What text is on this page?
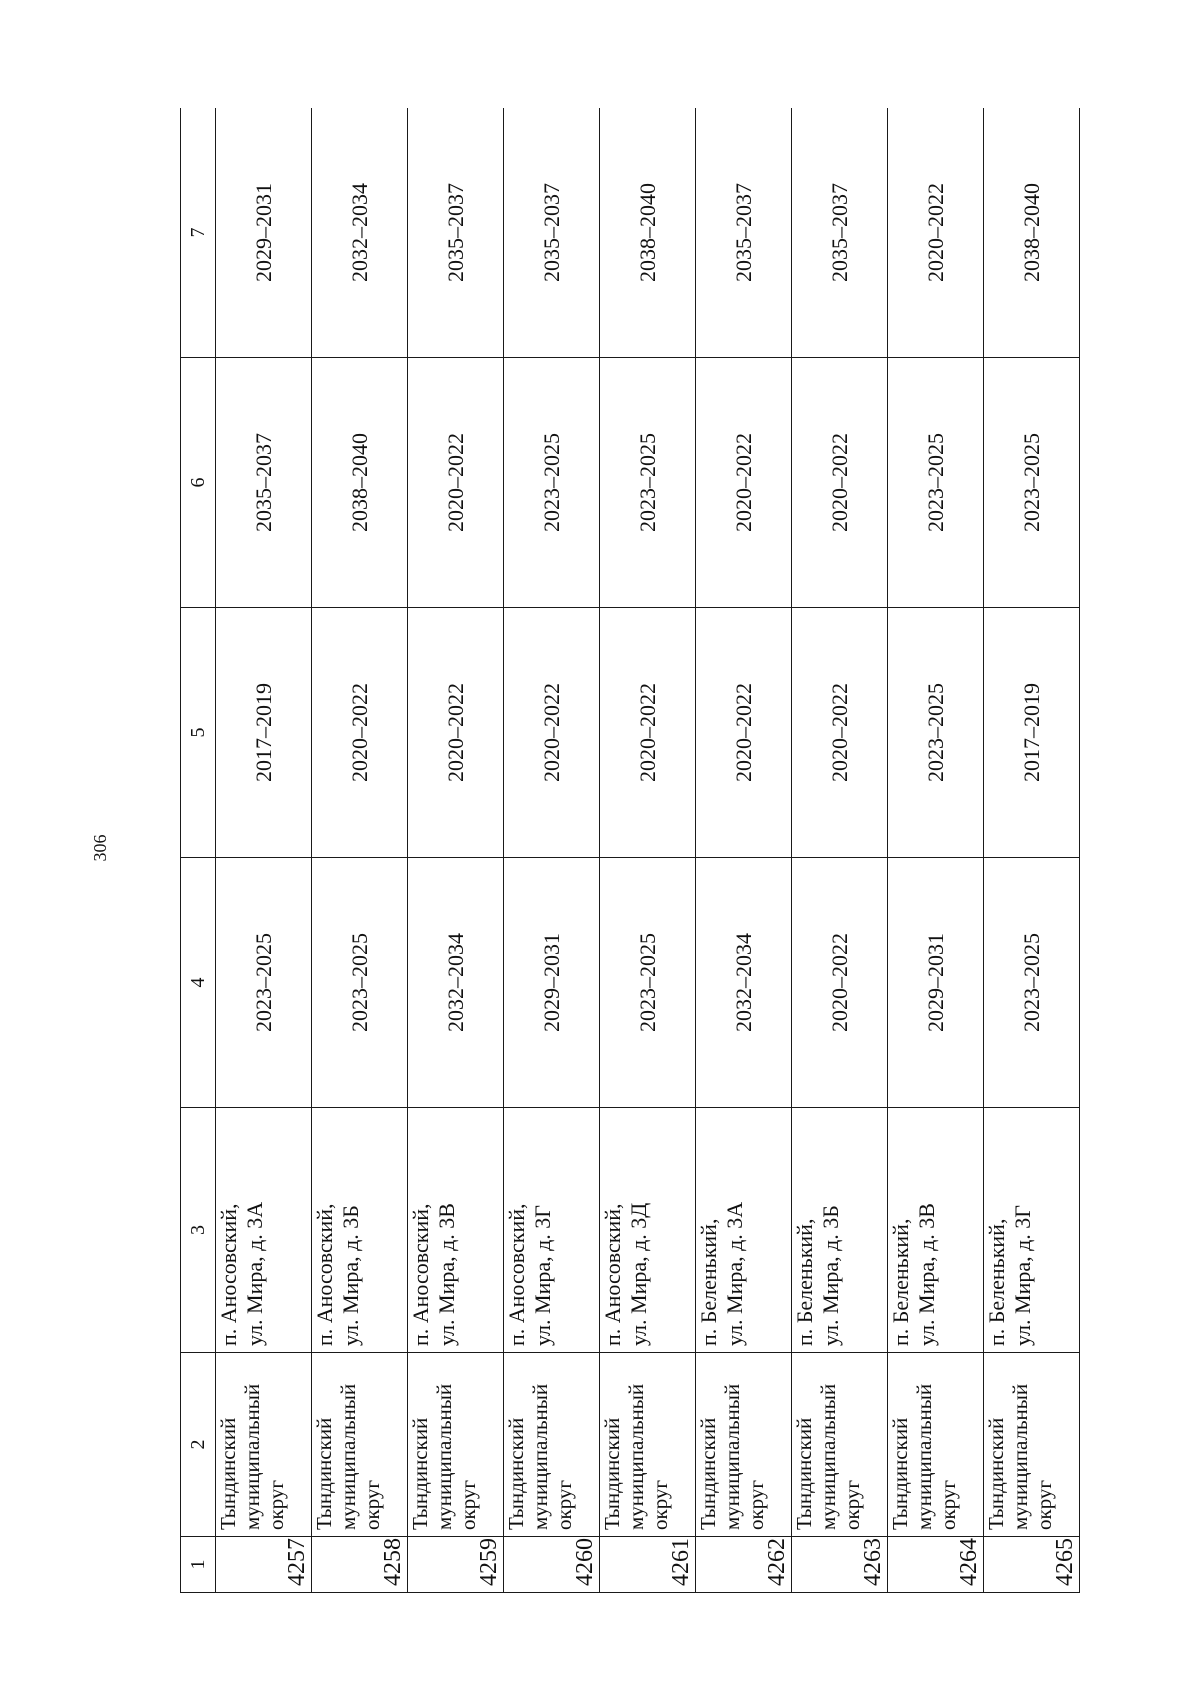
306
1	2	3	4	5	6	7
4257	Тындинский муниципальный округ	п. Аносовский, ул. Мира, д. 3А	2023–2025	2017–2019	2035–2037	2029–2031
4258	Тындинский муниципальный округ	п. Аносовский, ул. Мира, д. 3Б	2023–2025	2020–2022	2038–2040	2032–2034
4259	Тындинский муниципальный округ	п. Аносовский, ул. Мира, д. 3В	2032–2034	2020–2022	2020–2022	2035–2037
4260	Тындинский муниципальный округ	п. Аносовский, ул. Мира, д. 3Г	2029–2031	2020–2022	2023–2025	2035–2037
4261	Тындинский муниципальный округ	п. Аносовский, ул. Мира, д. 3Д	2023–2025	2020–2022	2023–2025	2038–2040
4262	Тындинский муниципальный округ	п. Беленький, ул. Мира, д. 3А	2032–2034	2020–2022	2020–2022	2035–2037
4263	Тындинский муниципальный округ	п. Беленький, ул. Мира, д. 3Б	2020–2022	2020–2022	2020–2022	2035–2037
4264	Тындинский муниципальный округ	п. Беленький, ул. Мира, д. 3В	2029–2031	2023–2025	2023–2025	2020–2022
4265	Тындинский муниципальный округ	п. Беленький, ул. Мира, д. 3Г	2023–2025	2017–2019	2023–2025	2038–2040
